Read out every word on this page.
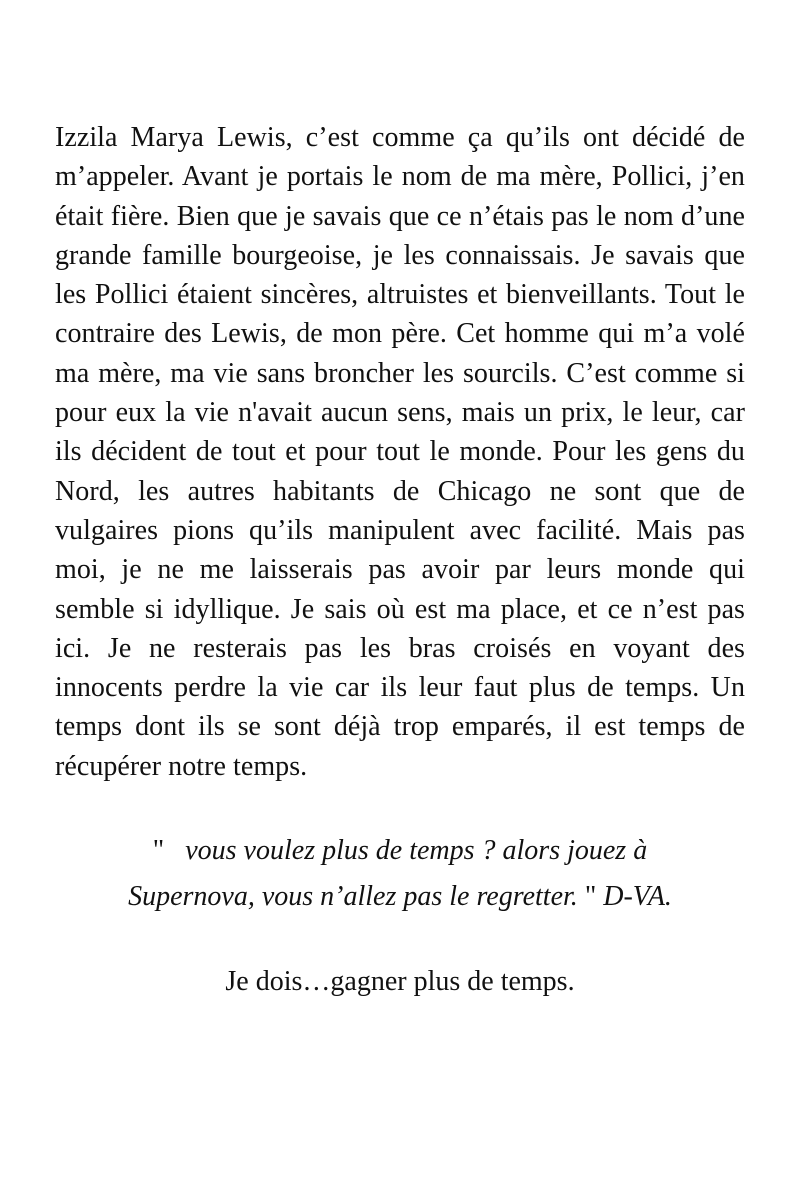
Izzila Marya Lewis, c’est comme ça qu’ils ont décidé de m’appeler. Avant je portais le nom de ma mère, Pollici, j’en était fière. Bien que je savais que ce n’étais pas le nom d’une grande famille bourgeoise, je les connaissais. Je savais que les Pollici étaient sincères, altruistes et bienveillants. Tout le contraire des Lewis, de mon père. Cet homme qui m’a volé ma mère, ma vie sans broncher les sourcils. C’est comme si pour eux la vie n'avait aucun sens, mais un prix, le leur, car ils décident de tout et pour tout le monde. Pour les gens du Nord, les autres habitants de Chicago ne sont que de vulgaires pions qu’ils manipulent avec facilité. Mais pas moi, je ne me laisserais pas avoir par leurs monde qui semble si idyllique. Je sais où est ma place, et ce n’est pas ici. Je ne resterais pas les bras croisés en voyant des innocents perdre la vie car ils leur faut plus de temps. Un temps dont ils se sont déjà trop emparés, il est temps de récupérer notre temps.

" vous voulez plus de temps ? alors jouez à
Supernova, vous n’allez pas le regretter. " D-VA.
Je dois…gagner plus de temps.
